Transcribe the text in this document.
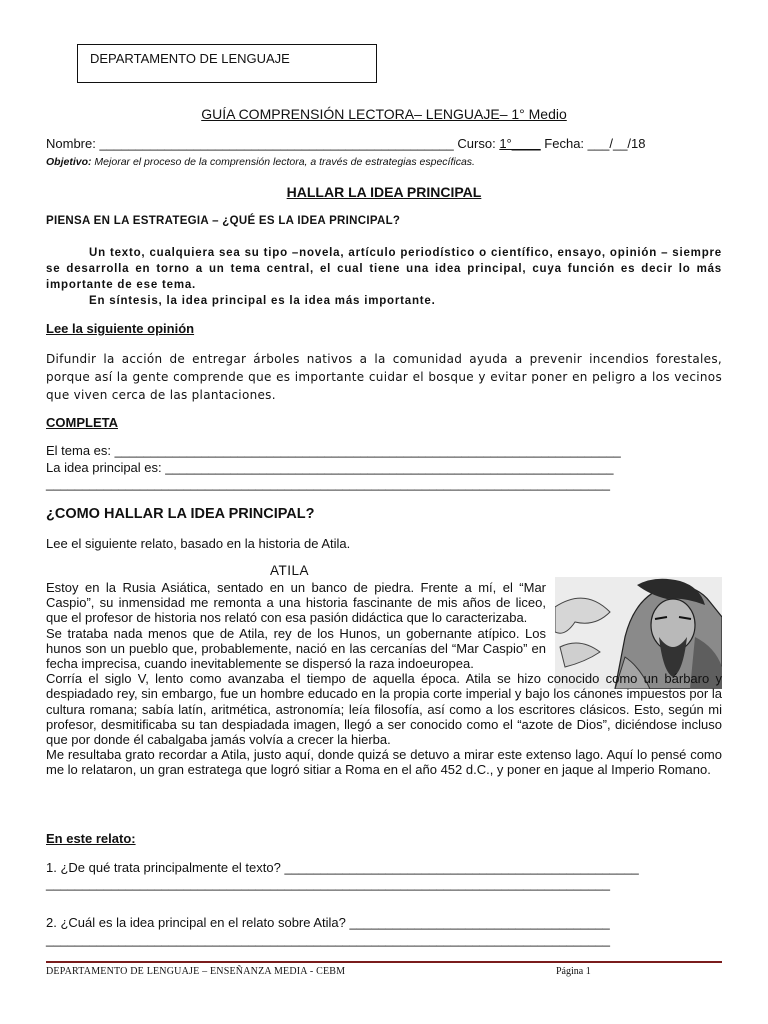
DEPARTAMENTO DE LENGUAJE
GUÍA COMPRENSIÓN LECTORA– LENGUAJE– 1° Medio
Nombre: _________________________________________________ Curso: 1°____ Fecha: ___/__/18
Objetivo: Mejorar el proceso de la comprensión lectora, a través de estrategias específicas.
HALLAR LA IDEA PRINCIPAL
PIENSA EN LA ESTRATEGIA – ¿QUÉ ES LA IDEA PRINCIPAL?
Un texto, cualquiera sea su tipo –novela, artículo periodístico o científico, ensayo, opinión – siempre se desarrolla en torno a un tema central, el cual tiene una idea principal, cuya función es decir lo más importante de ese tema.
En síntesis, la idea principal es la idea más importante.
Lee la siguiente opinión
Difundir la acción de entregar árboles nativos a la comunidad ayuda a prevenir incendios forestales, porque así la gente comprende que es importante cuidar el bosque y evitar poner en peligro a los vecinos que viven cerca de las plantaciones.
COMPLETA
El tema es: ______________________________________________________________________
La idea principal es: ______________________________________________________________
______________________________________________________________________________
¿COMO HALLAR LA IDEA PRINCIPAL?
Lee el siguiente relato, basado en la historia de Atila.
ATILA

Estoy en la Rusia Asiática, sentado en un banco de piedra. Frente a mí, el “Mar Caspio”, su inmensidad me remonta a una historia fascinante de mis años de liceo, que el profesor de historia nos relató con esa pasión didáctica que lo caracterizaba.

Se trataba nada menos que de Atila, rey de los Hunos, un gobernante atípico. Los hunos son un pueblo que, probablemente, nació en las cercanías del “Mar Caspio” en fecha imprecisa, cuando inevitablemente se dispersó la raza indoeuropea.

Corría el siglo V, lento como avanzaba el tiempo de aquella época. Atila se hizo conocido como un bárbaro y despiadado rey, sin embargo, fue un hombre educado en la propia corte imperial y bajo los cánones impuestos por la cultura romana; sabía latín, aritmética, astronomía; leía filosofía, así como a los escritores clásicos. Esto, según mi profesor, desmitificaba su tan despiadada imagen, llegó a ser conocido como el “azote de Dios”, diciéndose incluso que por donde él cabalgaba jamás volvía a crecer la hierba.

Me resultaba grato recordar a Atila, justo aquí, donde quizá se detuvo a mirar este extenso lago. Aquí lo pensé como me lo relataron, un gran estratega que logró sitiar a Roma en el año 452 d.C., y poner en jaque al Imperio Romano.

En este relato:
1. ¿De qué trata principalmente el texto? _________________________________________________
______________________________________________________________________________
2. ¿Cuál es la idea principal en el relato sobre Atila? ____________________________________
______________________________________________________________________________
DEPARTAMENTO DE LENGUAJE – ENSEÑANZA MEDIA - CEBM	Página 1
